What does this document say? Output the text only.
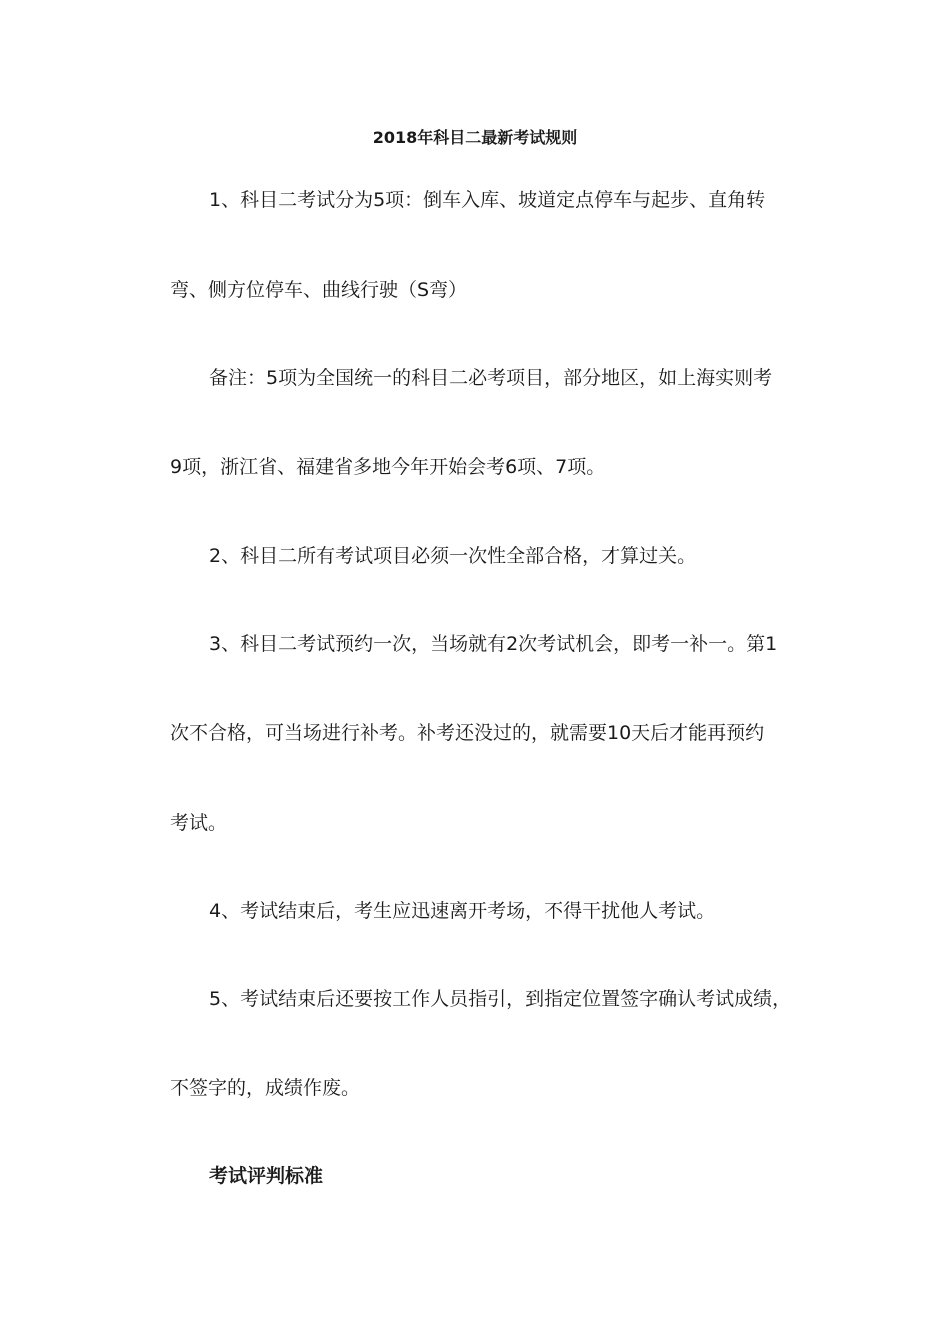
2018年科目二最新考试规则
1、科目二考试分为5项：倒车入库、坡道定点停车与起步、直角转
弯、侧方位停车、曲线行驶（S弯）
备注：5项为全国统一的科目二必考项目，部分地区，如上海实则考
9项，浙江省、福建省多地今年开始会考6项、7项。
2、科目二所有考试项目必须一次性全部合格，才算过关。
3、科目二考试预约一次，当场就有2次考试机会，即考一补一。第1
次不合格，可当场进行补考。补考还没过的，就需要10天后才能再预约
考试。
4、考试结束后，考生应迅速离开考场，不得干扰他人考试。
5、考试结束后还要按工作人员指引，到指定位置签字确认考试成绩，
不签字的，成绩作废。
考试评判标准
